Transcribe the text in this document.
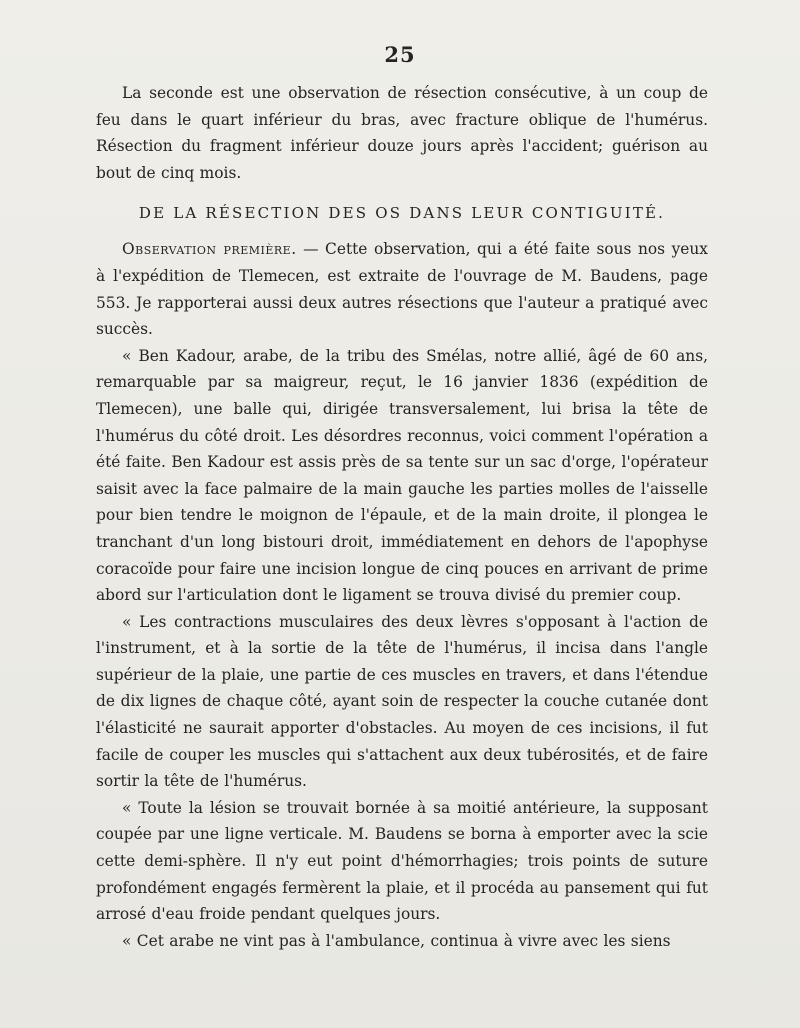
25

La seconde est une observation de résection consécutive, à un coup de feu dans le quart inférieur du bras, avec fracture oblique de l'humérus. Résection du fragment inférieur douze jours après l'accident; guérison au bout de cinq mois.

DE LA RÉSECTION DES OS DANS LEUR CONTIGUITÉ.

Observation première. — Cette observation, qui a été faite sous nos yeux à l'expédition de Tlemecen, est extraite de l'ouvrage de M. Baudens, page 553. Je rapporterai aussi deux autres résections que l'auteur a pratiqué avec succès.

« Ben Kadour, arabe, de la tribu des Smélas, notre allié, âgé de 60 ans, remarquable par sa maigreur, reçut, le 16 janvier 1836 (expédition de Tlemecen), une balle qui, dirigée transversalement, lui brisa la tête de l'humérus du côté droit. Les désordres reconnus, voici comment l'opération a été faite. Ben Kadour est assis près de sa tente sur un sac d'orge, l'opérateur saisit avec la face palmaire de la main gauche les parties molles de l'aisselle pour bien tendre le moignon de l'épaule, et de la main droite, il plongea le tranchant d'un long bistouri droit, immédiatement en dehors de l'apophyse coracoïde pour faire une incision longue de cinq pouces en arrivant de prime abord sur l'articulation dont le ligament se trouva divisé du premier coup.

« Les contractions musculaires des deux lèvres s'opposant à l'action de l'instrument, et à la sortie de la tête de l'humérus, il incisa dans l'angle supérieur de la plaie, une partie de ces muscles en travers, et dans l'étendue de dix lignes de chaque côté, ayant soin de respecter la couche cutanée dont l'élasticité ne saurait apporter d'obstacles. Au moyen de ces incisions, il fut facile de couper les muscles qui s'attachent aux deux tubérosités, et de faire sortir la tête de l'humérus.

« Toute la lésion se trouvait bornée à sa moitié antérieure, la supposant coupée par une ligne verticale. M. Baudens se borna à emporter avec la scie cette demi-sphère. Il n'y eut point d'hémorrhagies; trois points de suture profondément engagés fermèrent la plaie, et il procéda au pansement qui fut arrosé d'eau froide pendant quelques jours.

« Cet arabe ne vint pas à l'ambulance, continua à vivre avec les siens
